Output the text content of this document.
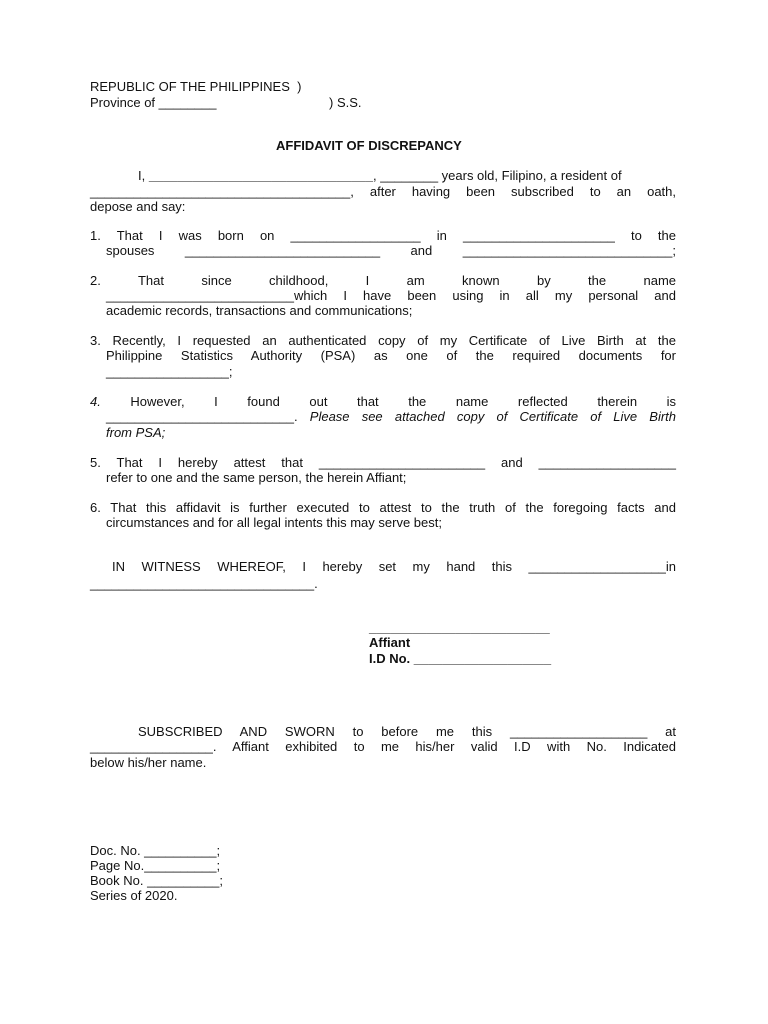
REPUBLIC OF THE PHILIPPINES  )
Province of ________	) S.S.
AFFIDAVIT OF DISCREPANCY
I, _______________________________, ________ years old, Filipino, a resident of
____________________________________, after having been subscribed to an oath,
depose and say:
1. That I was born on __________________ in _____________________ to the
spouses ___________________________ and _____________________________;
2. That since childhood, I am known by the name
__________________________which I have been using in all my personal and
academic records, transactions and communications;
3. Recently, I requested an authenticated copy of my Certificate of Live Birth at the
Philippine Statistics Authority (PSA) as one of the required documents for
_________________;
4. However, I found out that the name reflected therein is
__________________________. Please see attached copy of Certificate of Live Birth
from PSA;
5. That I hereby attest that _______________________ and ___________________
refer to one and the same person, the herein Affiant;
6. That this affidavit is further executed to attest to the truth of the foregoing facts and
circumstances and for all legal intents this may serve best;
IN WITNESS WHEREOF, I hereby set my hand this ___________________in
_______________________________.
_________________________
Affiant
I.D No. ___________________
SUBSCRIBED AND SWORN to before me this ___________________ at
_________________. Affiant exhibited to me his/her valid I.D with No. Indicated
below his/her name.
Doc. No. __________;
Page No.__________;
Book No. __________;
Series of 2020.
